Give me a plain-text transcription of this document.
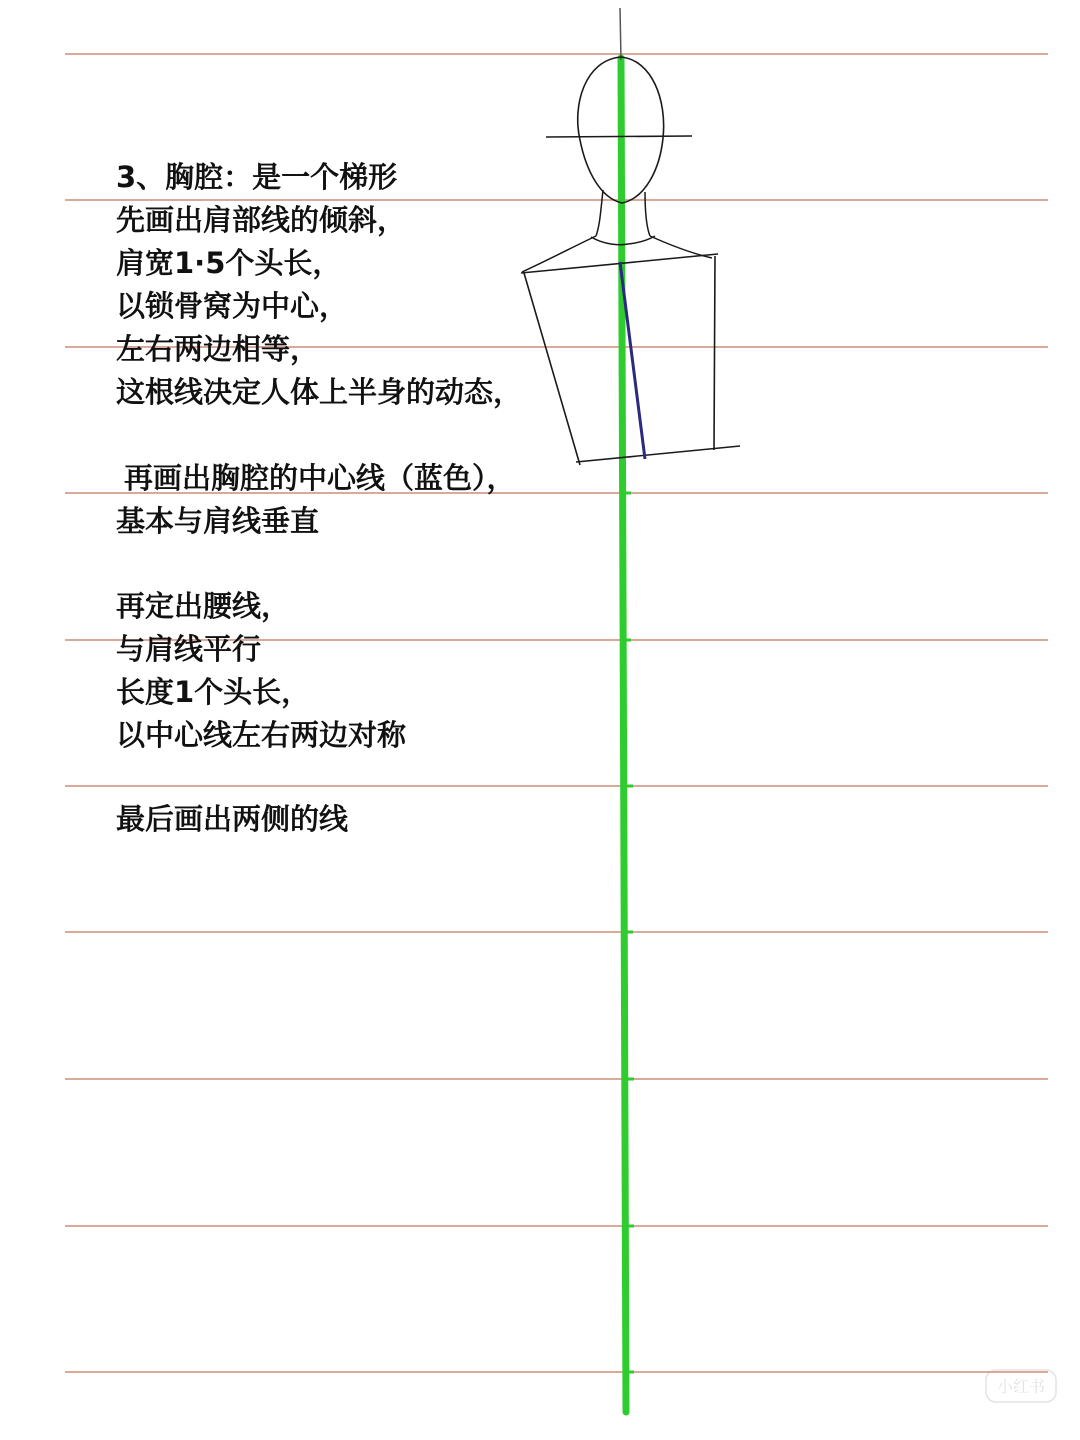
小红书
3、胸腔：是一个梯形
先画出肩部线的倾斜，
肩宽1·5个头长，
以锁骨窝为中心，
左右两边相等，
这根线决定人体上半身的动态，
再画出胸腔的中心线（蓝色），
基本与肩线垂直
再定出腰线，
与肩线平行
长度1个头长，
以中心线左右两边对称
最后画出两侧的线
